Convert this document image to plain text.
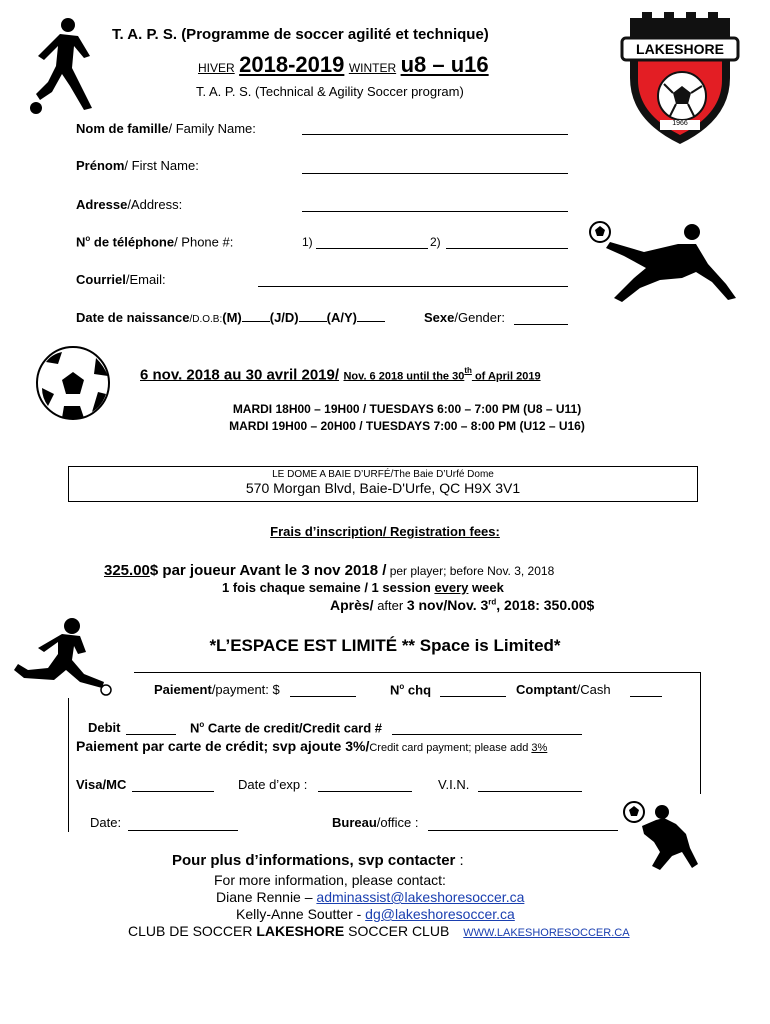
T. A. P. S. (Programme de soccer agilité et technique)
HIVER 2018-2019 WINTER u8 – u16
T. A. P. S. (Technical & Agility Soccer program)
LAKESHORE
1966
Nom de famille/ Family Name:
Prénom/ First Name:
Adresse/Address:
$N^o$ de téléphone/ Phone #:	1)	2)
Courriel/Email:
Date de naissance/D.O.B:(M) (J/D) (A/Y)	Sexe/Gender:
6 nov. 2018 au 30 avril 2019/ Nov. 6 2018 until the 30th of April 2019
MARDI 18H00 – 19H00 / TUESDAYS 6:00 – 7:00 PM (U8 – U11)
MARDI 19H00 – 20H00 / TUESDAYS 7:00 – 8:00 PM (U12 – U16)
LE DOME A BAIE D’URFÉ/The Baie D’Urfé Dome
570 Morgan Blvd, Baie-D'Urfe, QC H9X 3V1
Frais d’inscription/ Registration fees:
325.00$ par joueur Avant le 3 nov 2018 / per player; before Nov. 3, 2018
1 fois chaque semaine / 1 session every week
Après/ after 3 nov/Nov. 3rd, 2018: 350.00$
*L’ESPACE EST LIMITÉ ** Space is Limited*
Paiement/payment: $	$N^o$ chq	Comptant/Cash
Debit	$N^o$ Carte de credit/Credit card #
Paiement par carte de crédit; svp ajoute 3%/Credit card payment; please add 3%
Visa/MC	Date d’exp :	V.I.N.
Date:	Bureau/office :
Pour plus d’informations, svp contacter :
For more information, please contact:
Diane Rennie – adminassist@lakeshoresoccer.ca
Kelly-Anne Soutter - dg@lakeshoresoccer.ca
CLUB DE SOCCER LAKESHORE SOCCER CLUB WWW.LAKESHORESOCCER.CA
